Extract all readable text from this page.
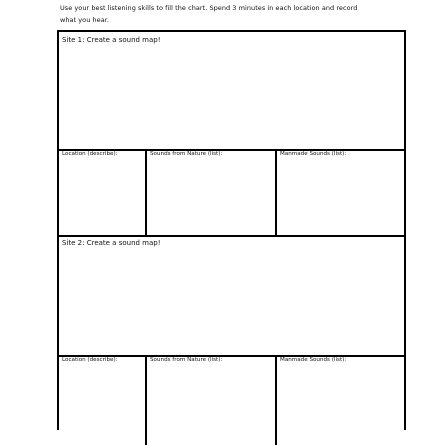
Use your best listening skills to fill the chart. Spend 3 minutes in each location and record
what you hear.
Site 1: Create a sound map!
Location (describe):	Sounds from Nature (list):	Manmade Sounds (list):
Site 2: Create a sound map!
Location (describe):	Sounds from Nature (list):	Manmade Sounds (list):
